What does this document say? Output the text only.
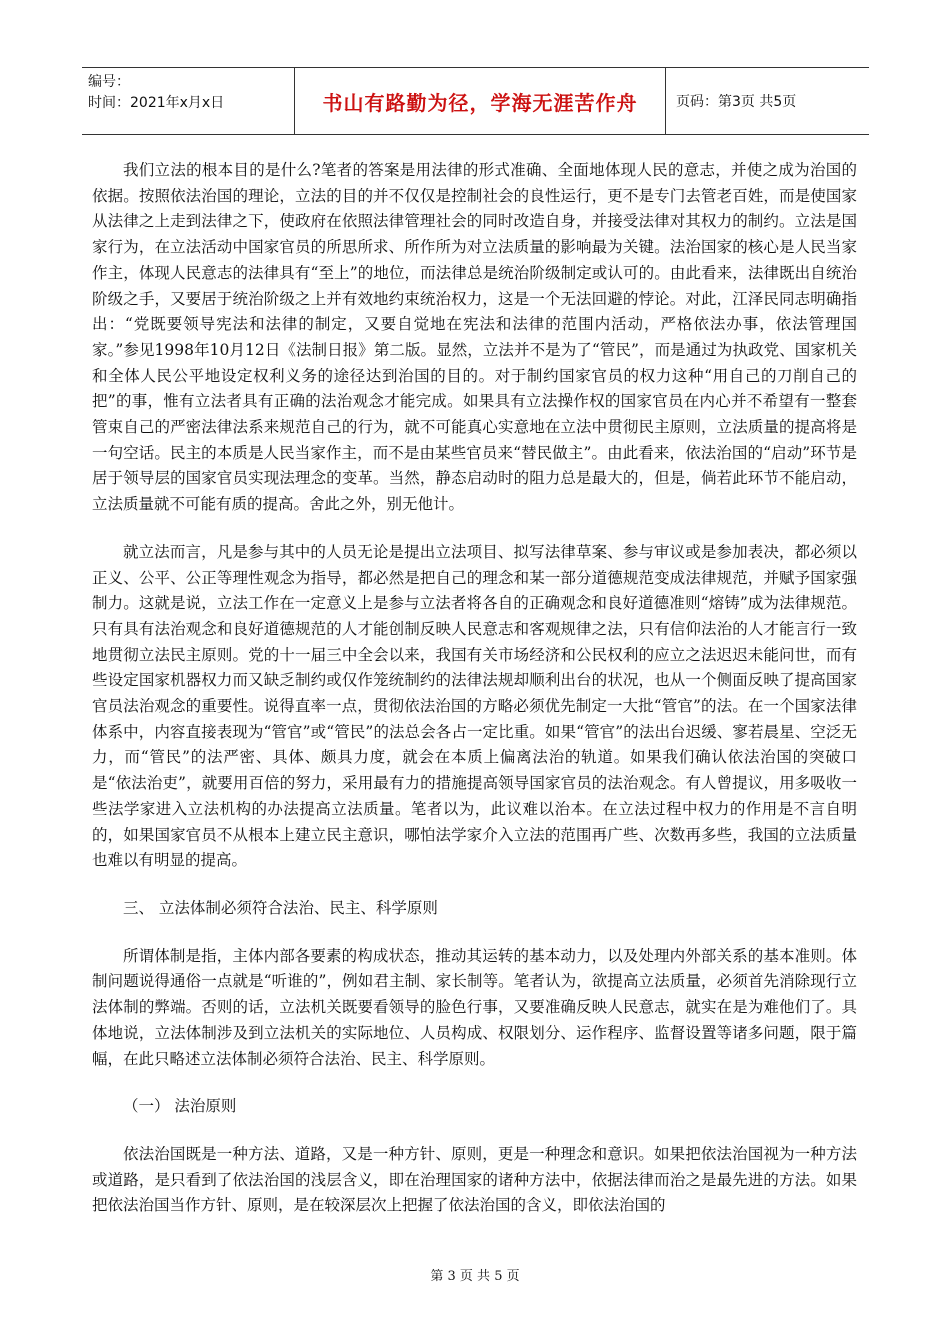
编号：
时间：2021年x月x日	书山有路勤为径，学海无涯苦作舟	页码：第3页 共5页

我们立法的根本目的是什么?笔者的答案是用法律的形式准确、全面地体现人民的意志，并使之成为治国的依据。按照依法治国的理论，立法的目的并不仅仅是控制社会的良性运行，更不是专门去管老百姓，而是使国家从法律之上走到法律之下，使政府在依照法律管理社会的同时改造自身，并接受法律对其权力的制约。立法是国家行为，在立法活动中国家官员的所思所求、所作所为对立法质量的影响最为关键。法治国家的核心是人民当家作主，体现人民意志的法律具有“至上”的地位，而法律总是统治阶级制定或认可的。由此看来，法律既出自统治阶级之手，又要居于统治阶级之上并有效地约束统治权力，这是一个无法回避的悖论。对此，江泽民同志明确指出：“党既要领导宪法和法律的制定，又要自觉地在宪法和法律的范围内活动，严格依法办事，依法管理国家。”参见1998年10月12日《法制日报》第二版。显然，立法并不是为了“管民”，而是通过为执政党、国家机关和全体人民公平地设定权利义务的途径达到治国的目的。对于制约国家官员的权力这种“用自己的刀削自己的把”的事，惟有立法者具有正确的法治观念才能完成。如果具有立法操作权的国家官员在内心并不希望有一整套管束自己的严密法律法系来规范自己的行为，就不可能真心实意地在立法中贯彻民主原则，立法质量的提高将是一句空话。民主的本质是人民当家作主，而不是由某些官员来“替民做主”。由此看来，依法治国的“启动”环节是居于领导层的国家官员实现法理念的变革。当然，静态启动时的阻力总是最大的，但是，倘若此环节不能启动，立法质量就不可能有质的提高。舍此之外，别无他计。

就立法而言，凡是参与其中的人员无论是提出立法项目、拟写法律草案、参与审议或是参加表决，都必须以正义、公平、公正等理性观念为指导，都必然是把自己的理念和某一部分道德规范变成法律规范，并赋予国家强制力。这就是说，立法工作在一定意义上是参与立法者将各自的正确观念和良好道德准则“熔铸”成为法律规范。只有具有法治观念和良好道德规范的人才能创制反映人民意志和客观规律之法，只有信仰法治的人才能言行一致地贯彻立法民主原则。党的十一届三中全会以来，我国有关市场经济和公民权利的应立之法迟迟未能问世，而有些设定国家机器权力而又缺乏制约或仅作笼统制约的法律法规却顺利出台的状况，也从一个侧面反映了提高国家官员法治观念的重要性。说得直率一点，贯彻依法治国的方略必须优先制定一大批“管官”的法。在一个国家法律体系中，内容直接表现为“管官”或“管民”的法总会各占一定比重。如果“管官”的法出台迟缓、寥若晨星、空泛无力，而“管民”的法严密、具体、颇具力度，就会在本质上偏离法治的轨道。如果我们确认依法治国的突破口是“依法治吏”，就要用百倍的努力，采用最有力的措施提高领导国家官员的法治观念。有人曾提议，用多吸收一些法学家进入立法机构的办法提高立法质量。笔者以为，此议难以治本。在立法过程中权力的作用是不言自明的，如果国家官员不从根本上建立民主意识，哪怕法学家介入立法的范围再广些、次数再多些，我国的立法质量也难以有明显的提高。

三、 立法体制必须符合法治、民主、科学原则

所谓体制是指，主体内部各要素的构成状态，推动其运转的基本动力，以及处理内外部关系的基本准则。体制问题说得通俗一点就是“听谁的”，例如君主制、家长制等。笔者认为，欲提高立法质量，必须首先消除现行立法体制的弊端。否则的话，立法机关既要看领导的脸色行事，又要准确反映人民意志，就实在是为难他们了。具体地说，立法体制涉及到立法机关的实际地位、人员构成、权限划分、运作程序、监督设置等诸多问题，限于篇幅，在此只略述立法体制必须符合法治、民主、科学原则。

（一） 法治原则

依法治国既是一种方法、道路，又是一种方针、原则，更是一种理念和意识。如果把依法治国视为一种方法或道路，是只看到了依法治国的浅层含义，即在治理国家的诸种方法中，依据法律而治之是最先进的方法。如果把依法治国当作方针、原则，是在较深层次上把握了依法治国的含义，即依法治国的

第 3 页 共 5 页
